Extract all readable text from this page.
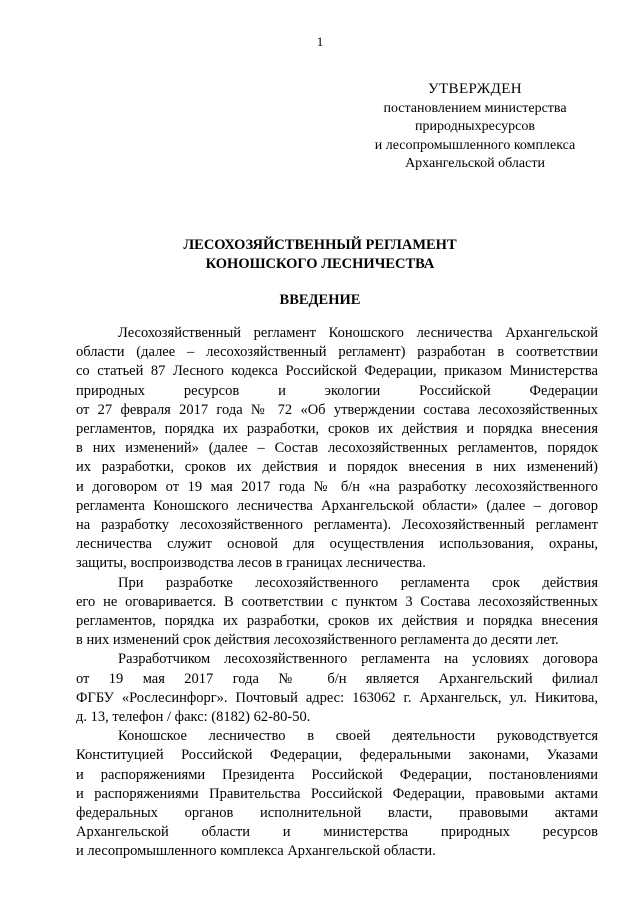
1
УТВЕРЖДЕН
постановлением министерства
природныхресурсов
и лесопромышленного комплекса
Архангельской области
ЛЕСОХОЗЯЙСТВЕННЫЙ РЕГЛАМЕНТ
КОНОШСКОГО ЛЕСНИЧЕСТВА
ВВЕДЕНИЕ
Лесохозяйственный регламент Коношского лесничества Архангельской
области (далее – лесохозяйственный регламент) разработан в соответствии
со статьей 87 Лесного кодекса Российской Федерации, приказом Министерства
природных ресурсов и экологии Российской Федерации
от 27 февраля 2017 года № 72 «Об утверждении состава лесохозяйственных
регламентов, порядка их разработки, сроков их действия и порядка внесения
в них изменений» (далее – Состав лесохозяйственных регламентов, порядок
их разработки, сроков их действия и порядок внесения в них изменений)
и договором от 19 мая 2017 года № б/н «на разработку лесохозяйственного
регламента Коношского лесничества Архангельской области» (далее – договор
на разработку лесохозяйственного регламента). Лесохозяйственный регламент
лесничества служит основой для осуществления использования, охраны,
защиты, воспроизводства лесов в границах лесничества.
При разработке лесохозяйственного регламента срок действия
его не оговаривается. В соответствии с пунктом 3 Состава лесохозяйственных
регламентов, порядка их разработки, сроков их действия и порядка внесения
в них изменений срок действия лесохозяйственного регламента до десяти лет.
Разработчиком лесохозяйственного регламента на условиях договора
от 19 мая 2017 года № б/н является Архангельский филиал
ФГБУ «Рослесинфорг». Почтовый адрес: 163062 г. Архангельск, ул. Никитова,
д. 13, телефон / факс: (8182) 62-80-50.
Коношское лесничество в своей деятельности руководствуется
Конституцией Российской Федерации, федеральными законами, Указами
и распоряжениями Президента Российской Федерации, постановлениями
и распоряжениями Правительства Российской Федерации, правовыми актами
федеральных органов исполнительной власти, правовыми актами
Архангельской области и министерства природных ресурсов
и лесопромышленного комплекса Архангельской области.
